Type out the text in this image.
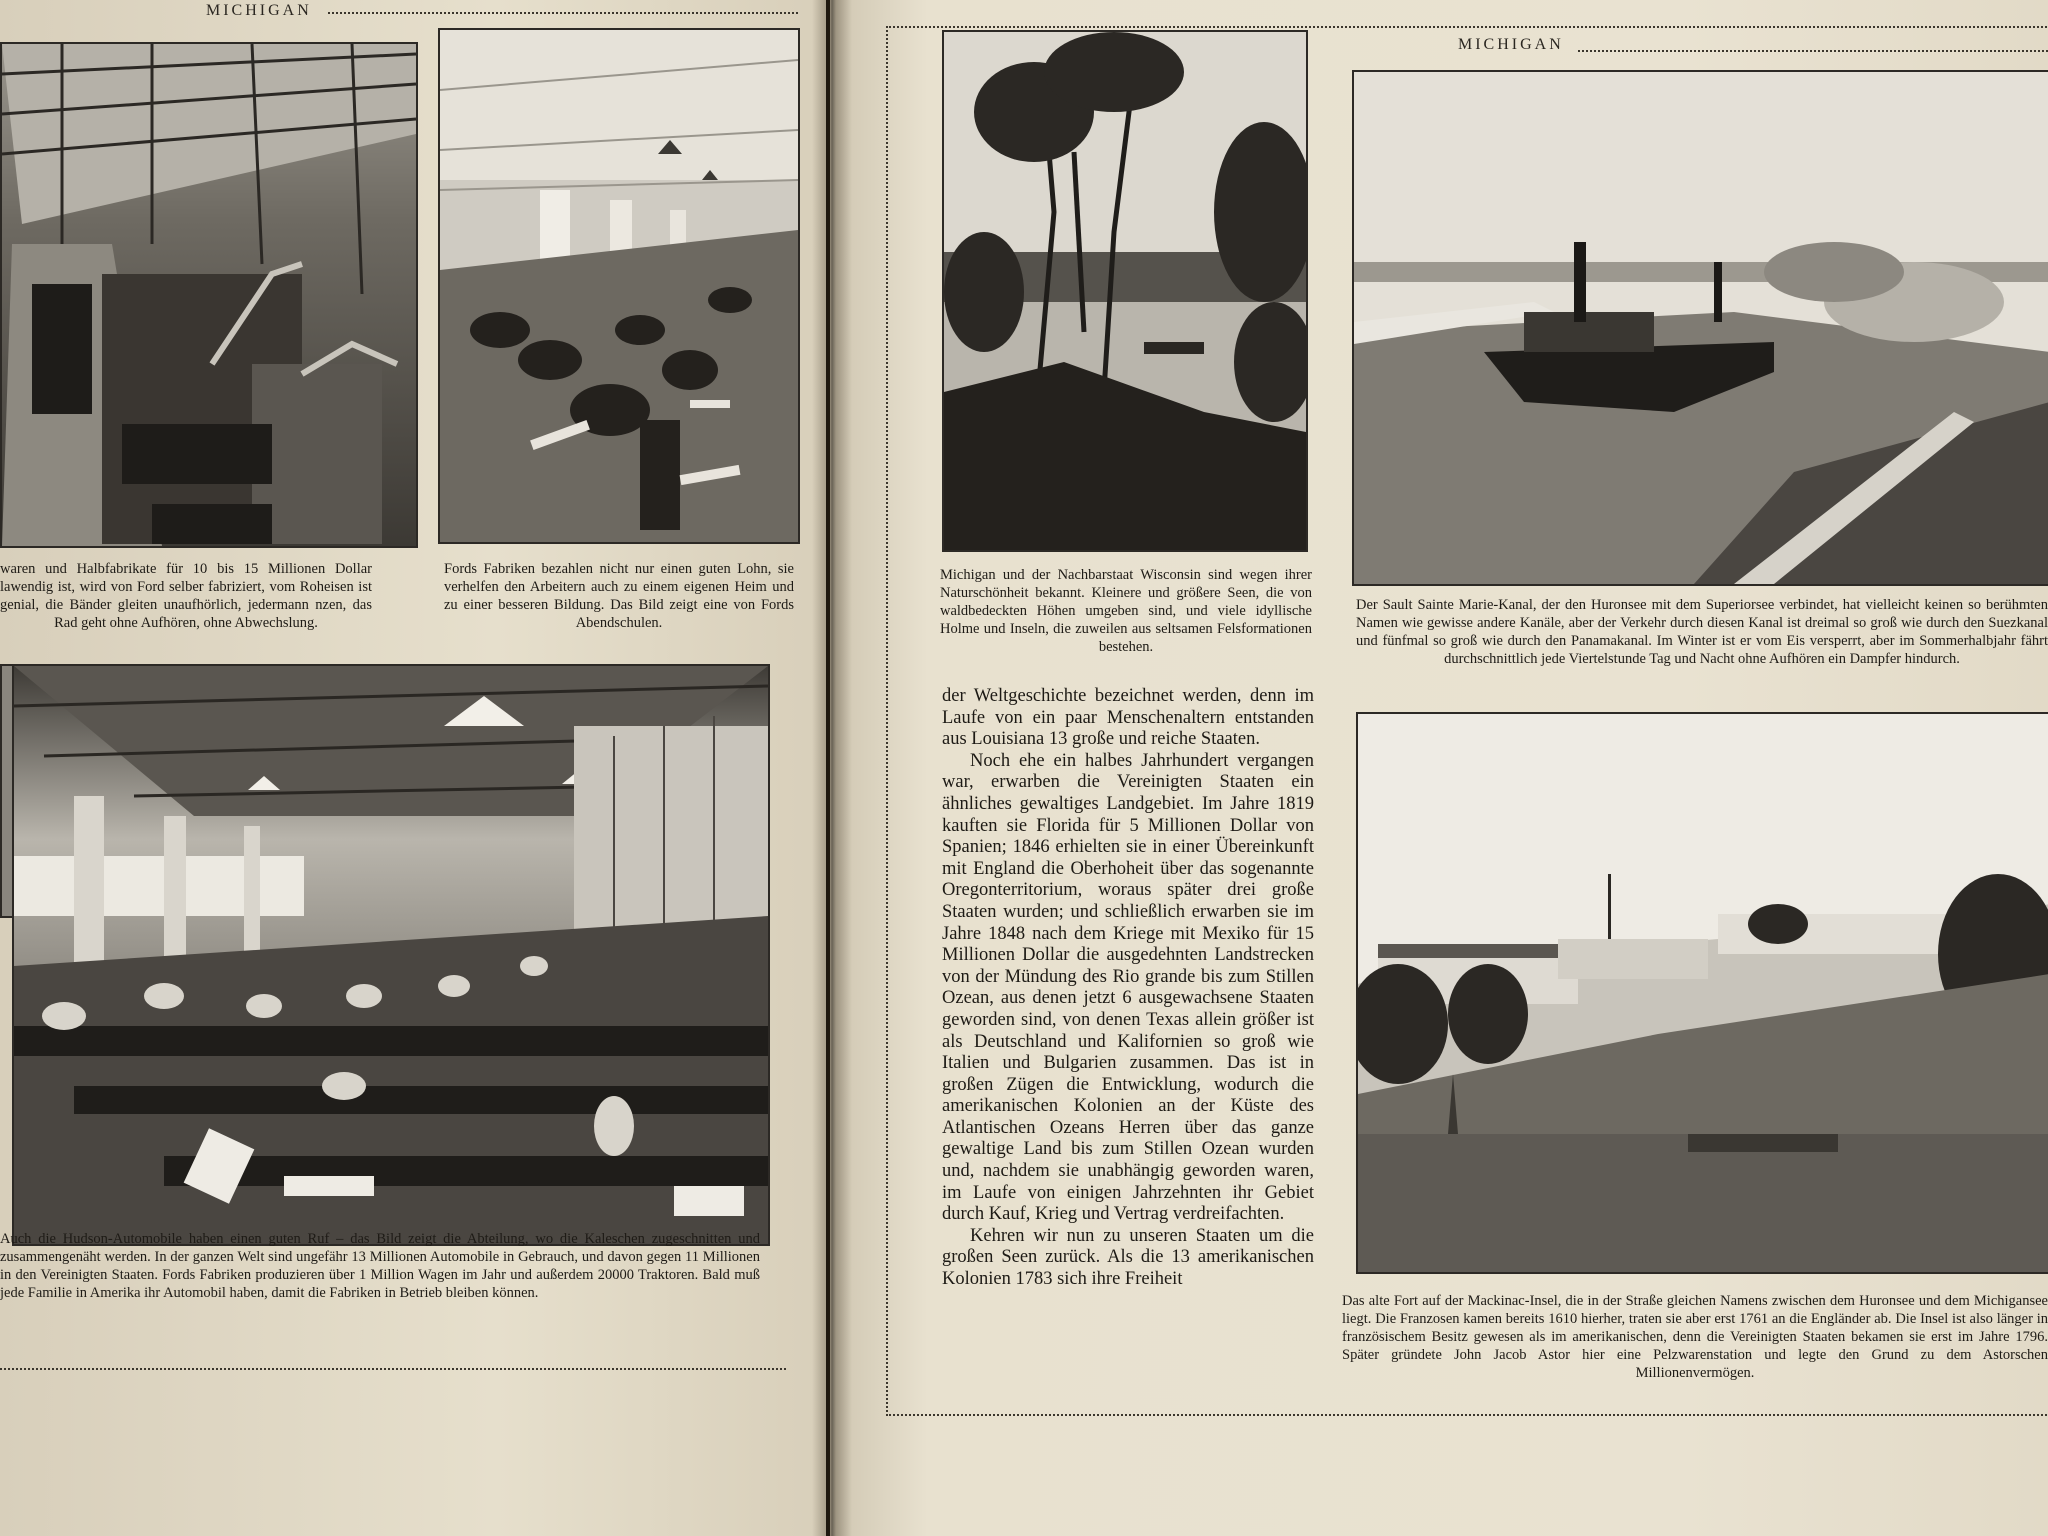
MICHIGAN
waren und Halbfabrikate für 10 bis 15 Millionen Dollar lawendig ist, wird von Ford selber fabriziert, vom Roheisen ist genial, die Bänder gleiten unaufhörlich, jedermann nzen, das Rad geht ohne Aufhören, ohne Abwechslung.
Fords Fabriken bezahlen nicht nur einen guten Lohn, sie verhelfen den Arbeitern auch zu einem eigenen Heim und zu einer besseren Bildung. Das Bild zeigt eine von Fords Abendschulen.
Auch die Hudson-Automobile haben einen guten Ruf – das Bild zeigt die Abteilung, wo die Kaleschen zugeschnitten und zusammengenäht werden. In der ganzen Welt sind ungefähr 13 Millionen Automobile in Gebrauch, und davon gegen 11 Millionen in den Vereinigten Staaten. Fords Fabriken produzieren über 1 Million Wagen im Jahr und außerdem 20000 Traktoren. Bald muß jede Familie in Amerika ihr Automobil haben, damit die Fabriken in Betrieb bleiben können.
MICHIGAN
Michigan und der Nachbarstaat Wisconsin sind wegen ihrer Naturschönheit bekannt. Kleinere und größere Seen, die von waldbedeckten Höhen umgeben sind, und viele idyllische Holme und Inseln, die zuweilen aus seltsamen Felsformationen bestehen.
Der Sault Sainte Marie-Kanal, der den Huronsee mit dem Superiorsee verbindet, hat vielleicht keinen so berühmten Namen wie gewisse andere Kanäle, aber der Verkehr durch diesen Kanal ist dreimal so groß wie durch den Suezkanal und fünfmal so groß wie durch den Panamakanal. Im Winter ist er vom Eis versperrt, aber im Sommerhalbjahr fährt durchschnittlich jede Viertelstunde Tag und Nacht ohne Aufhören ein Dampfer hindurch.

der Weltgeschichte bezeichnet werden, denn im Laufe von ein paar Menschenaltern entstanden aus Louisiana 13 große und reiche Staaten.

Noch ehe ein halbes Jahrhundert vergangen war, erwarben die Vereinigten Staaten ein ähnliches gewaltiges Landgebiet. Im Jahre 1819 kauften sie Florida für 5 Millionen Dollar von Spanien; 1846 erhielten sie in einer Übereinkunft mit England die Oberhoheit über das sogenannte Oregonterritorium, woraus später drei große Staaten wurden; und schließlich erwarben sie im Jahre 1848 nach dem Kriege mit Mexiko für 15 Millionen Dollar die ausgedehnten Landstrecken von der Mündung des Rio grande bis zum Stillen Ozean, aus denen jetzt 6 ausgewachsene Staaten geworden sind, von denen Texas allein größer ist als Deutschland und Kalifornien so groß wie Italien und Bulgarien zusammen. Das ist in großen Zügen die Entwicklung, wodurch die amerikanischen Kolonien an der Küste des Atlantischen Ozeans Herren über das ganze gewaltige Land bis zum Stillen Ozean wurden und, nachdem sie unabhängig geworden waren, im Laufe von einigen Jahrzehnten ihr Gebiet durch Kauf, Krieg und Vertrag verdreifachten.

Kehren wir nun zu unseren Staaten um die großen Seen zurück. Als die 13 amerikanischen Kolonien 1783 sich ihre Freiheit

Das alte Fort auf der Mackinac-Insel, die in der Straße gleichen Namens zwischen dem Huronsee und dem Michigansee liegt. Die Franzosen kamen bereits 1610 hierher, traten sie aber erst 1761 an die Engländer ab. Die Insel ist also länger in französischem Besitz gewesen als im amerikanischen, denn die Vereinigten Staaten bekamen sie erst im Jahre 1796. Später gründete John Jacob Astor hier eine Pelzwarenstation und legte den Grund zu dem Astorschen Millionenvermögen.
